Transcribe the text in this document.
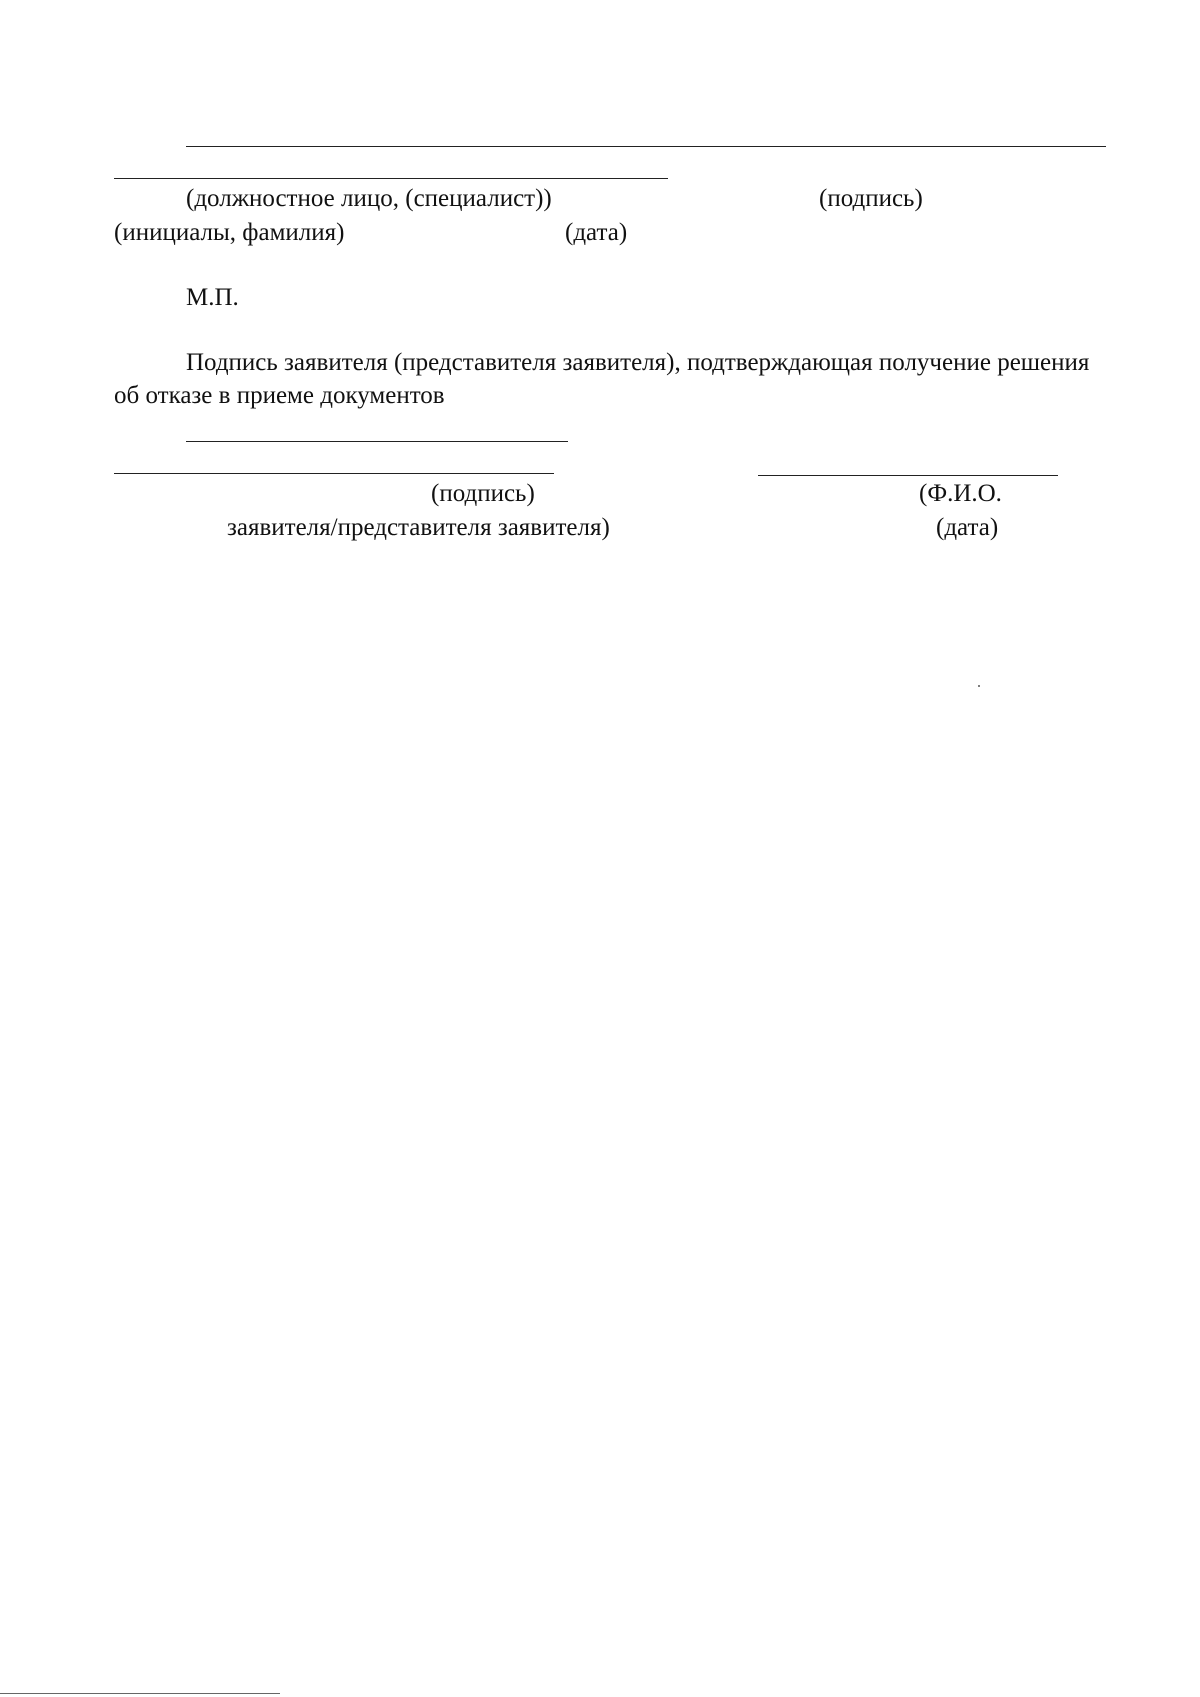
(должностное лицо, (специалист))	(подпись)
(инициалы, фамилия)	(дата)
М.П.
Подпись заявителя (представителя заявителя), подтверждающая получение решения об отказе в приеме документов
(подпись)	(Ф.И.О.
заявителя/представителя заявителя)	(дата)
